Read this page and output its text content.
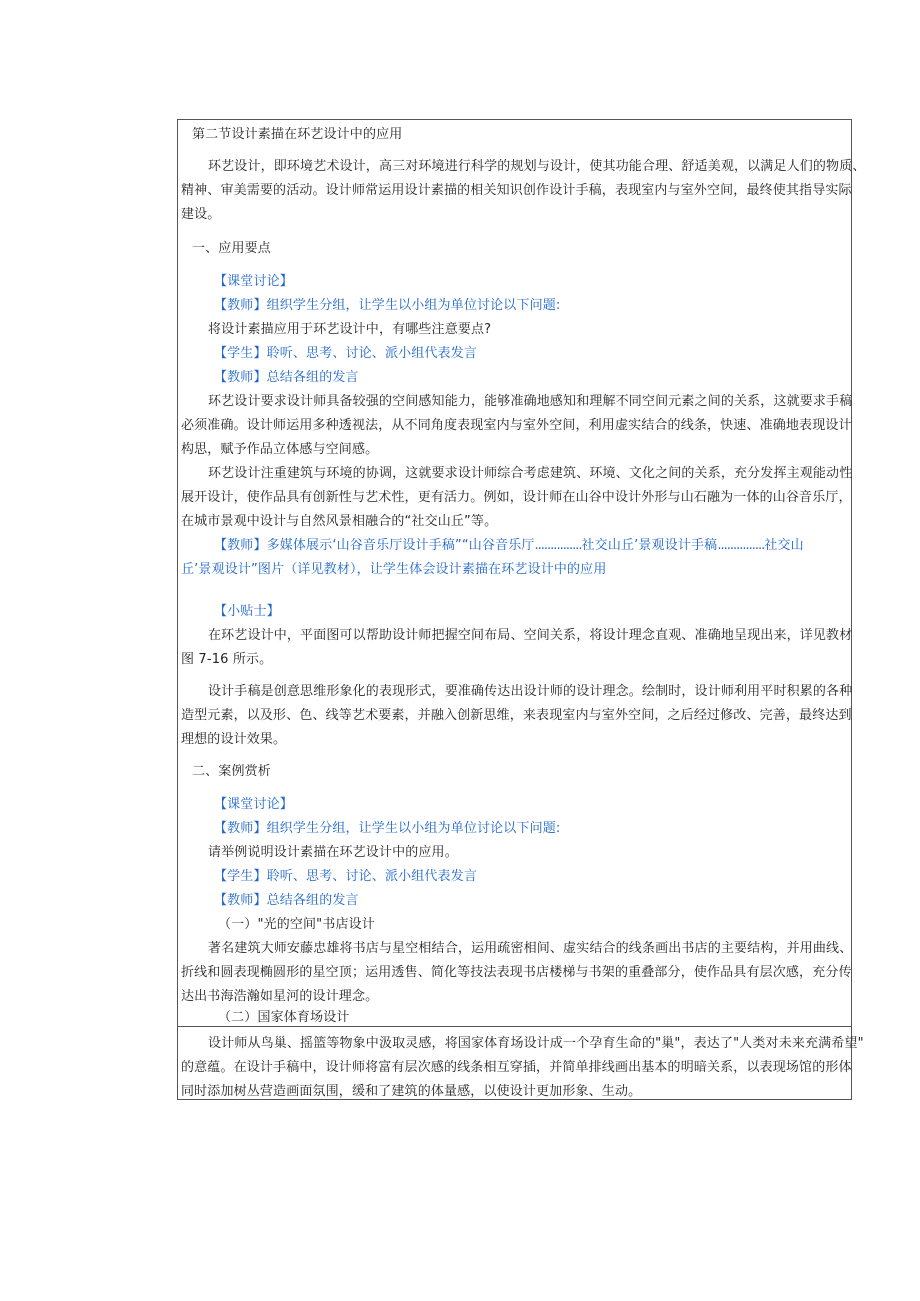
第二节设计素描在环艺设计中的应用
环艺设计，即环境艺术设计，高三对环境进行科学的规划与设计，使其功能合理、舒适美观，以满足人们的物质、
精神、审美需要的活动。设计师常运用设计素描的相关知识创作设计手稿，表现室内与室外空间，最终使其指导实际
建设。
一、应用要点
【课堂讨论】
【教师】组织学生分组，让学生以小组为单位讨论以下问题:
将设计素描应用于环艺设计中，有哪些注意要点?
【学生】聆听、思考、讨论、派小组代表发言
【教师】总结各组的发言
环艺设计要求设计师具备较强的空间感知能力，能够准确地感知和理解不同空间元素之间的关系，这就要求手稿
必须准确。设计师运用多种透视法，从不同角度表现室内与室外空间，利用虚实结合的线条，快速、准确地表现设计
构思，赋予作品立体感与空间感。
环艺设计注重建筑与环境的协调，这就要求设计师综合考虑建筑、环境、文化之间的关系，充分发挥主观能动性
展开设计，使作品具有创新性与艺术性，更有活力。例如，设计师在山谷中设计外形与山石融为一体的山谷音乐厅，
在城市景观中设计与自然风景相融合的“社交山丘”等。
【教师】多媒体展示‘山谷音乐厅设计手稿”“山谷音乐厅...............社交山丘’景观设计手稿...............社交山
丘’景观设计”图片（详见教材），让学生体会设计素描在环艺设计中的应用
【小贴士】
在环艺设计中，平面图可以帮助设计师把握空间布局、空间关系，将设计理念直观、准确地呈现出来，详见教材
图 7-16 所示。
设计手稿是创意思维形象化的表现形式，要准确传达出设计师的设计理念。绘制时，设计师利用平时积累的各种
造型元素，以及形、色、线等艺术要素，并融入创新思维，来表现室内与室外空间，之后经过修改、完善，最终达到
理想的设计效果。
二、案例赏析
【课堂讨论】
【教师】组织学生分组，让学生以小组为单位讨论以下问题:
请举例说明设计素描在环艺设计中的应用。
【学生】聆听、思考、讨论、派小组代表发言
【教师】总结各组的发言
（一）"光的空间"书店设计
著名建筑大师安藤忠雄将书店与星空相结合，运用疏密相间、虚实结合的线条画出书店的主要结构，并用曲线、
折线和圆表现椭圆形的星空顶；运用透售、简化等技法表现书店楼梯与书架的重叠部分，使作品具有层次感，充分传
达出书海浩瀚如星河的设计理念。
（二）国家体育场设计
设计师从鸟巢、摇篮等物象中汲取灵感，将国家体育场设计成一个孕育生命的"巢"，表达了"人类对未来充满希望"
的意蕴。在设计手稿中，设计师将富有层次感的线条相互穿插，并简单排线画出基本的明暗关系，以表现场馆的形体
同时添加树丛营造画面氛围，缓和了建筑的体量感，以使设计更加形象、生动。
